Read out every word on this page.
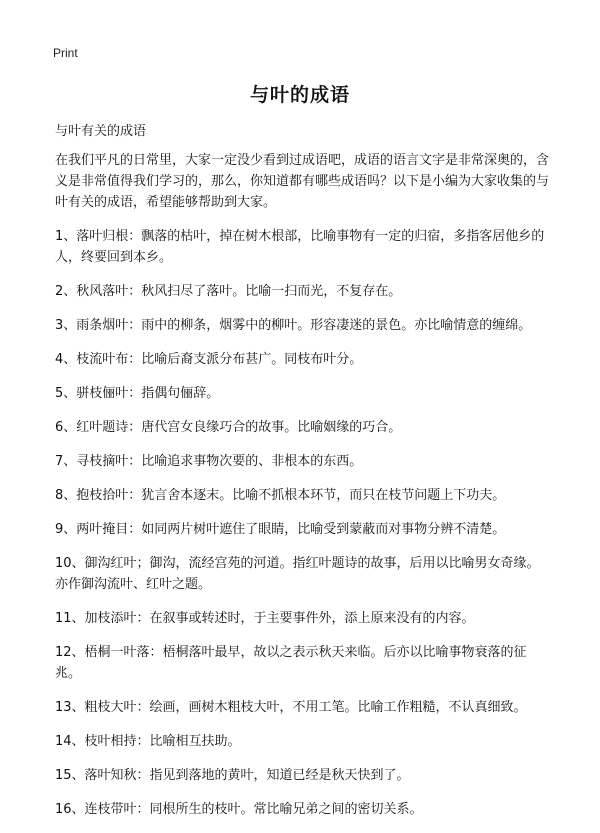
Print
与叶的成语
与叶有关的成语

在我们平凡的日常里，大家一定没少看到过成语吧，成语的语言文字是非常深奥的，含义是非常值得我们学习的，那么，你知道都有哪些成语吗？以下是小编为大家收集的与叶有关的成语，希望能够帮助到大家。

1、落叶归根：飘落的枯叶，掉在树木根部，比喻事物有一定的归宿，多指客居他乡的人，终要回到本乡。

2、秋风落叶：秋风扫尽了落叶。比喻一扫而光，不复存在。

3、雨条烟叶：雨中的柳条，烟雾中的柳叶。形容凄迷的景色。亦比喻情意的缠绵。

4、枝流叶布：比喻后裔支派分布甚广。同枝布叶分。

5、骈枝俪叶：指偶句俪辞。

6、红叶题诗：唐代宫女良缘巧合的故事。比喻姻缘的巧合。

7、寻枝摘叶：比喻追求事物次要的、非根本的东西。

8、抱枝拾叶：犹言舍本逐末。比喻不抓根本环节，而只在枝节问题上下功夫。

9、两叶掩目：如同两片树叶遮住了眼睛，比喻受到蒙蔽而对事物分辨不清楚。

10、御沟红叶；御沟，流经宫苑的河道。指红叶题诗的故事，后用以比喻男女奇缘。亦作御沟流叶、红叶之题。

11、加枝添叶：在叙事或转述时，于主要事件外，添上原来没有的内容。

12、梧桐一叶落：梧桐落叶最早，故以之表示秋天来临。后亦以比喻事物衰落的征兆。

13、粗枝大叶：绘画，画树木粗枝大叶，不用工笔。比喻工作粗糙，不认真细致。

14、枝叶相持：比喻相互扶助。

15、落叶知秋：指见到落地的黄叶，知道已经是秋天快到了。

16、连枝带叶：同根所生的枝叶。常比喻兄弟之间的密切关系。
